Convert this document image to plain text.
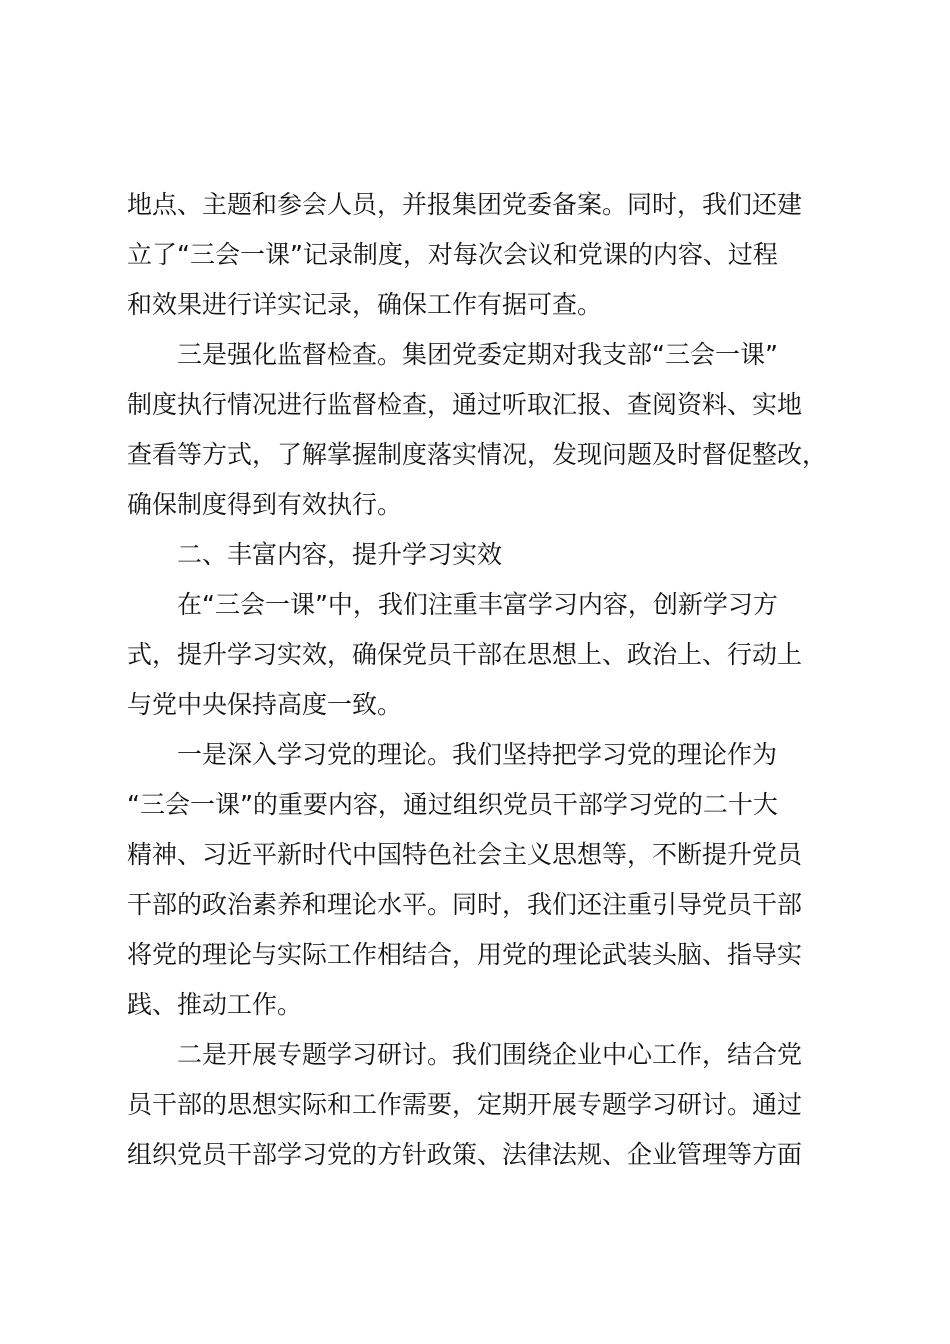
地点、主题和参会人员，并报集团党委备案。同时，我们还建
立了“三会一课”记录制度，对每次会议和党课的内容、过程
和效果进行详实记录，确保工作有据可查。
三是强化监督检查。集团党委定期对我支部“三会一课”
制度执行情况进行监督检查，通过听取汇报、查阅资料、实地
查看等方式，了解掌握制度落实情况，发现问题及时督促整改，
确保制度得到有效执行。
二、丰富内容，提升学习实效
在“三会一课”中，我们注重丰富学习内容，创新学习方
式，提升学习实效，确保党员干部在思想上、政治上、行动上
与党中央保持高度一致。
一是深入学习党的理论。我们坚持把学习党的理论作为
“三会一课”的重要内容，通过组织党员干部学习党的二十大
精神、习近平新时代中国特色社会主义思想等，不断提升党员
干部的政治素养和理论水平。同时，我们还注重引导党员干部
将党的理论与实际工作相结合，用党的理论武装头脑、指导实
践、推动工作。
二是开展专题学习研讨。我们围绕企业中心工作，结合党
员干部的思想实际和工作需要，定期开展专题学习研讨。通过
组织党员干部学习党的方针政策、法律法规、企业管理等方面
